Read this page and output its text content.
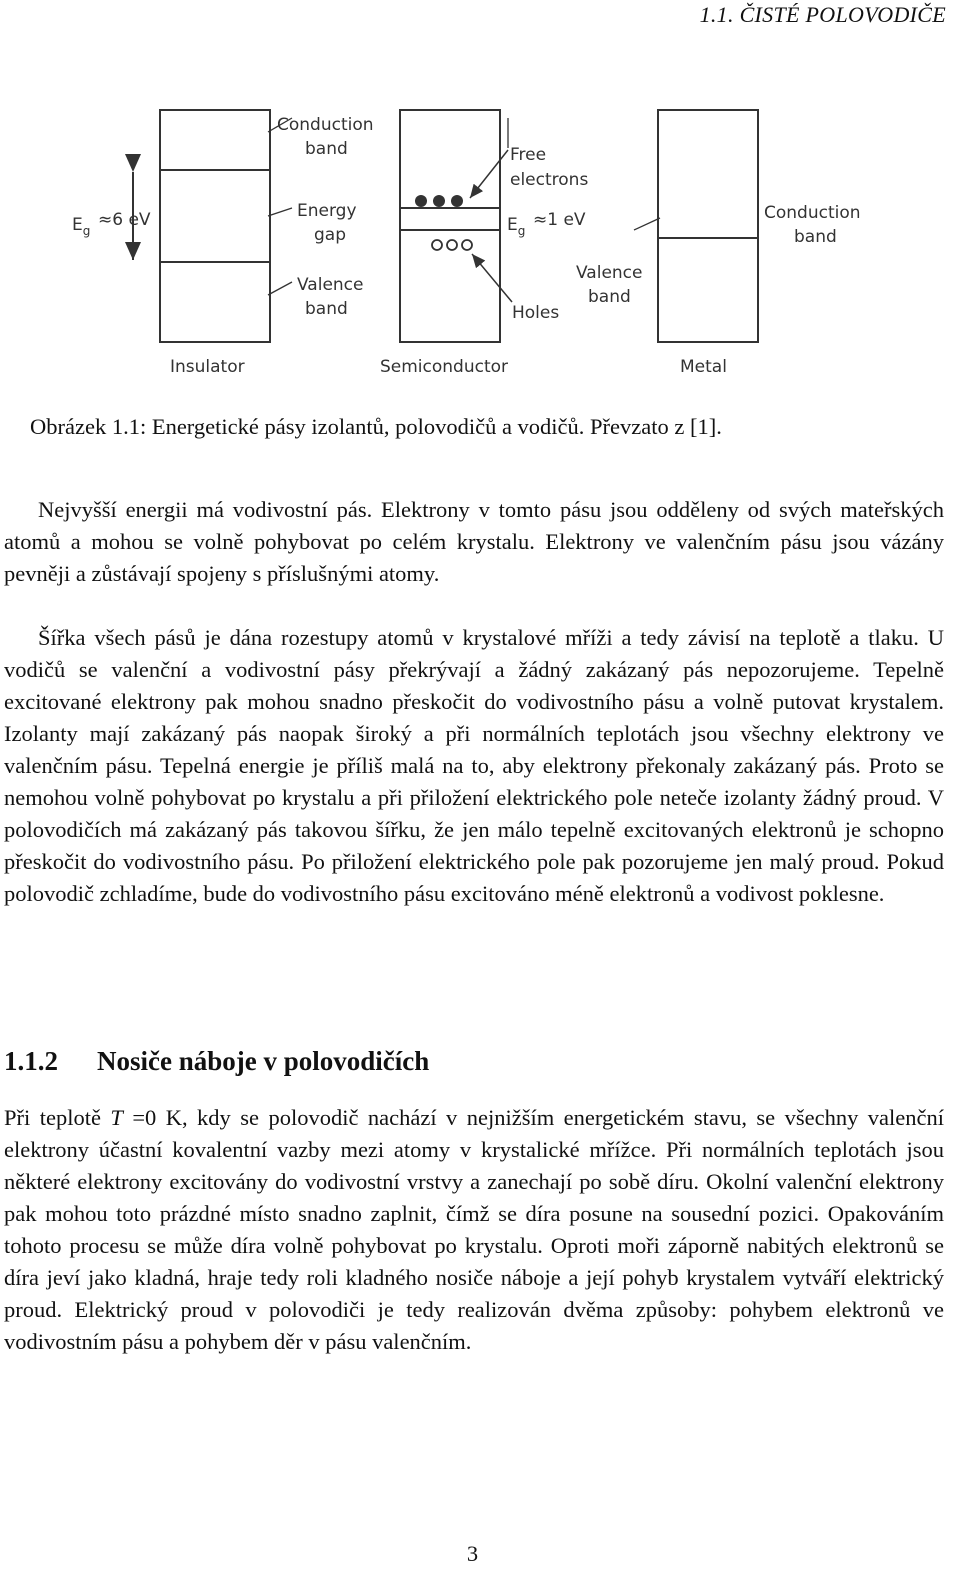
1.1. ČISTÉ POLOVODIČE
$E_g$
≈6 eV
Conduction
band
Energy
gap
Valence
band
Insulator
Free
electrons
$E_g$
≈1 eV
Holes
Semiconductor
Conduction
band
Valence
band
Metal
Obrázek 1.1: Energetické pásy izolantů, polovodičů a vodičů. Převzato z [1].

Nejvyšší energii má vodivostní pás. Elektrony v tomto pásu jsou odděleny od svých mateřských atomů a mohou se volně pohybovat po celém krystalu. Elektrony ve valenčním pásu jsou vázány pevněji a zůstávají spojeny s příslušnými atomy.

Šířka všech pásů je dána rozestupy atomů v krystalové mříži a tedy závisí na teplotě a tlaku. U vodičů se valenční a vodivostní pásy překrývají a žádný zakázaný pás nepozorujeme. Tepelně excitované elektrony pak mohou snadno přeskočit do vodivostního pásu a volně putovat krystalem. Izolanty mají zakázaný pás naopak široký a při normálních teplotách jsou všechny elektrony ve valenčním pásu. Tepelná energie je příliš malá na to, aby elektrony překonaly zakázaný pás. Proto se nemohou volně pohybovat po krystalu a při přiložení elektrického pole neteče izolanty žádný proud. V polovodičích má zakázaný pás takovou šířku, že jen málo tepelně excitovaných elektronů je schopno přeskočit do vodivostního pásu. Po přiložení elektrického pole pak pozorujeme jen malý proud. Pokud polovodič zchladíme, bude do vodivostního pásu excitováno méně elektronů a vodivost poklesne.

1.1.2 Nosiče náboje v polovodičích

Při teplotě T =0 K, kdy se polovodič nachází v nejnižším energetickém stavu, se všechny valenční elektrony účastní kovalentní vazby mezi atomy v krystalické mřížce. Při normálních teplotách jsou některé elektrony excitovány do vodivostní vrstvy a zanechají po sobě díru. Okolní valenční elektrony pak mohou toto prázdné místo snadno zaplnit, čímž se díra posune na sousední pozici. Opakováním tohoto procesu se může díra volně pohybovat po krystalu. Oproti moři záporně nabitých elektronů se díra jeví jako kladná, hraje tedy roli kladného nosiče náboje a její pohyb krystalem vytváří elektrický proud. Elektrický proud v polovodiči je tedy realizován dvěma způsoby: pohybem elektronů ve vodivostním pásu a pohybem děr v pásu valenčním.

3
